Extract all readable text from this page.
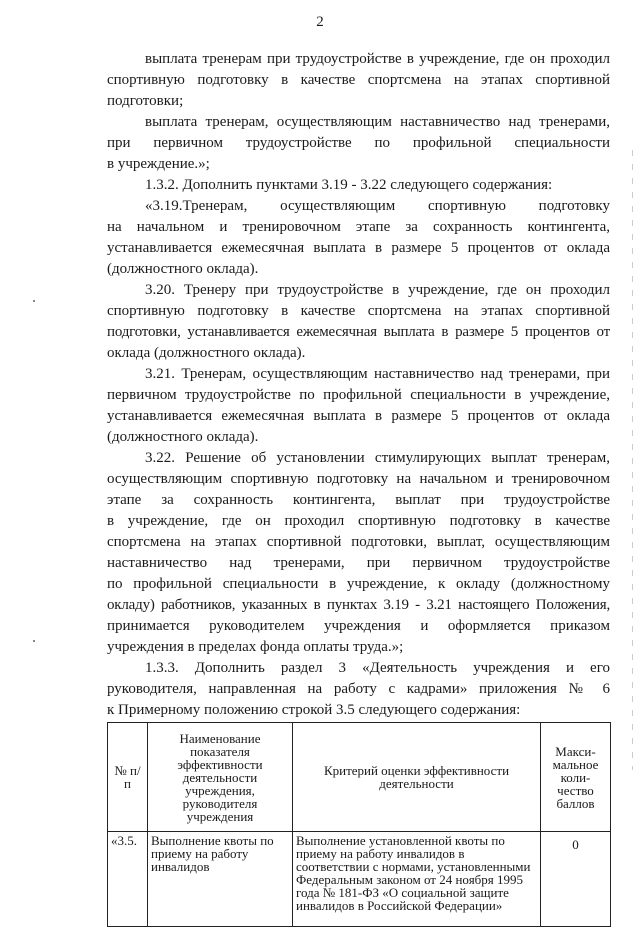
2
выплата тренерам при трудоустройстве в учреждение, где он проходил
спортивную подготовку в качестве спортсмена на этапах спортивной
подготовки;
выплата тренерам, осуществляющим наставничество над тренерами,
при первичном трудоустройстве по профильной специальности
в учреждение.»;
1.3.2. Дополнить пунктами 3.19 - 3.22 следующего содержания:
«3.19.Тренерам, осуществляющим спортивную подготовку
на начальном и тренировочном этапе за сохранность контингента,
устанавливается ежемесячная выплата в размере 5 процентов от оклада
(должностного оклада).
3.20. Тренеру при трудоустройстве в учреждение, где он проходил
спортивную подготовку в качестве спортсмена на этапах спортивной
подготовки, устанавливается ежемесячная выплата в размере 5 процентов от
оклада (должностного оклада).
3.21. Тренерам, осуществляющим наставничество над тренерами, при
первичном трудоустройстве по профильной специальности в учреждение,
устанавливается ежемесячная выплата в размере 5 процентов от оклада
(должностного оклада).
3.22. Решение об установлении стимулирующих выплат тренерам,
осуществляющим спортивную подготовку на начальном и тренировочном
этапе за сохранность контингента, выплат при трудоустройстве
в учреждение, где он проходил спортивную подготовку в качестве
спортсмена на этапах спортивной подготовки, выплат, осуществляющим
наставничество над тренерами, при первичном трудоустройстве
по профильной специальности в учреждение, к окладу (должностному
окладу) работников, указанных в пунктах 3.19 - 3.21 настоящего Положения,
принимается руководителем учреждения и оформляется приказом
учреждения в пределах фонда оплаты труда.»;
1.3.3. Дополнить раздел 3 «Деятельность учреждения и его
руководителя, направленная на работу с кадрами» приложения № 6
к Примерному положению строкой 3.5 следующего содержания:
№ п/п	Наименование показателя эффективности деятельности учреждения, руководителя учреждения	Критерий оценки эффективности деятельности	Макси-мальное коли-чество баллов
«3.5.	Выполнение квоты по приему на работу инвалидов	Выполнение установленной квоты по приему на работу инвалидов в соответствии с нормами, установленными Федеральным законом от 24 ноября 1995 года № 181-ФЗ «О социальной защите инвалидов в Российской Федерации»	0
